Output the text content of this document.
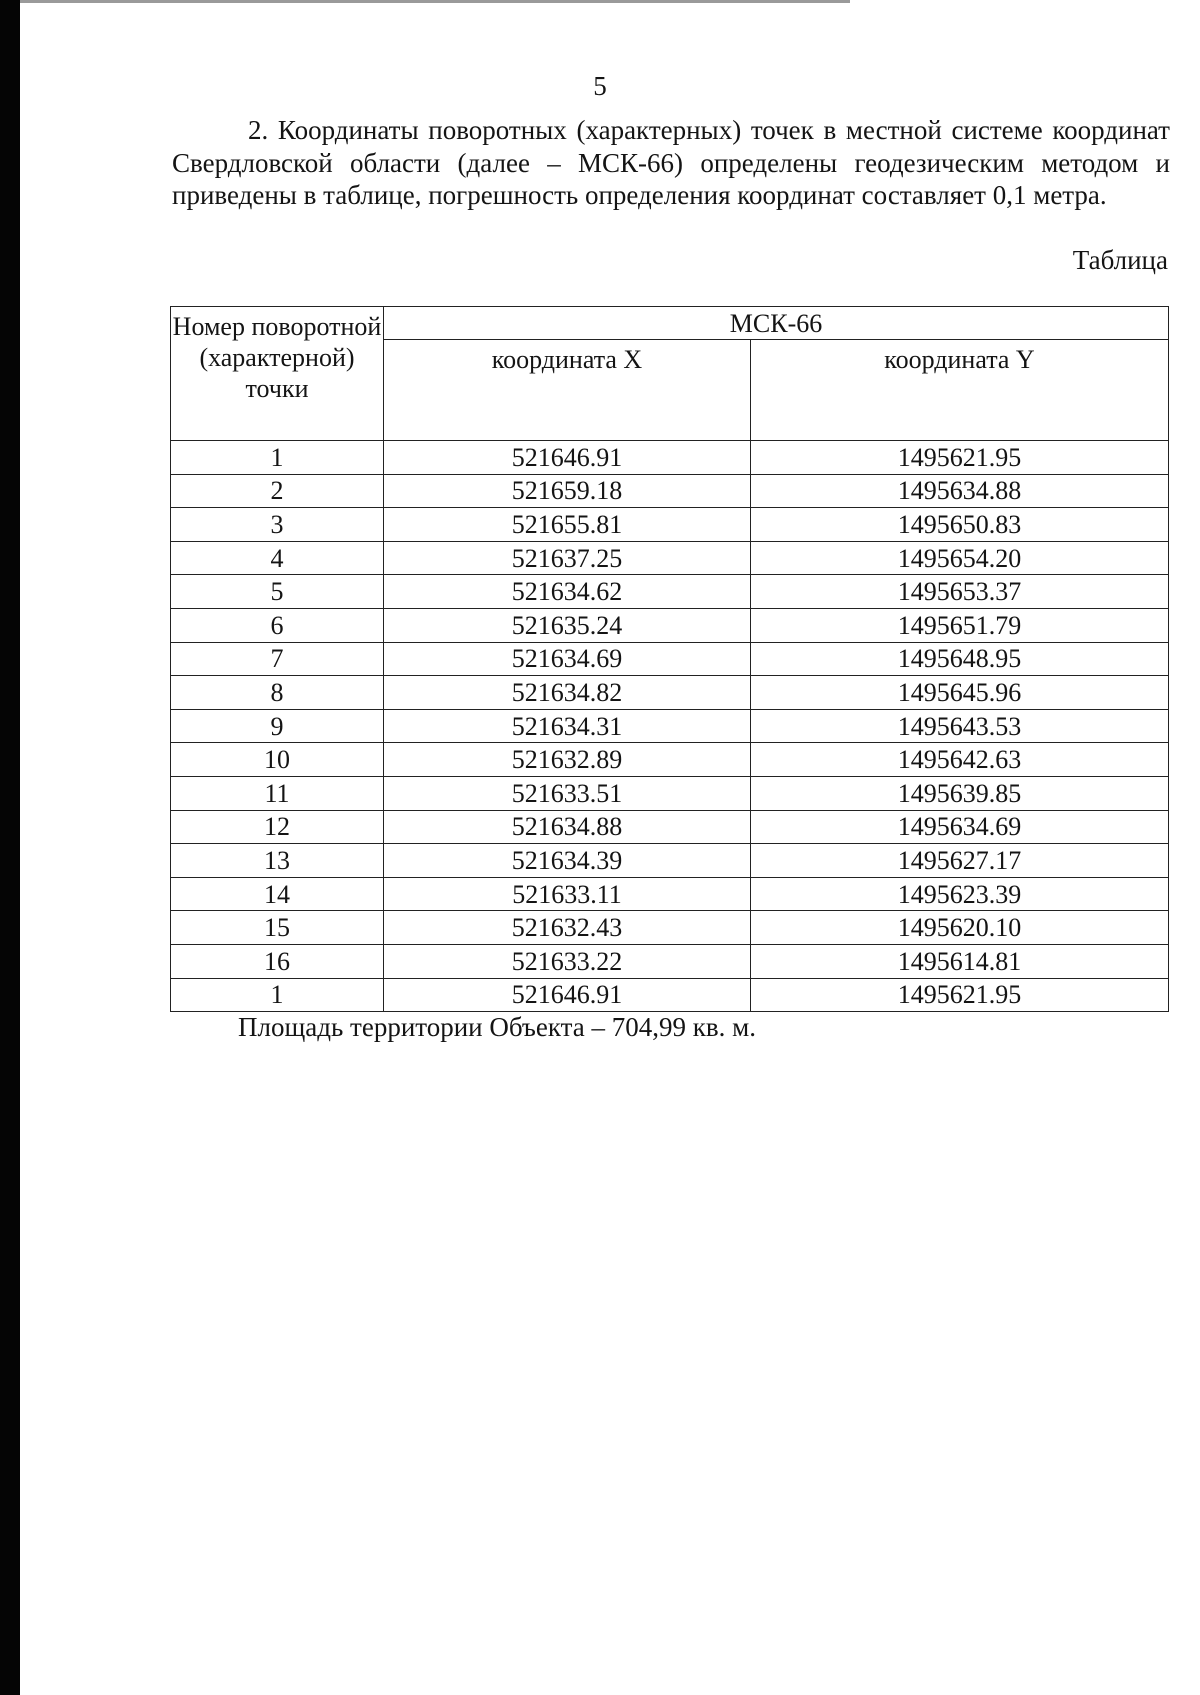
5

2. Координаты поворотных (характерных) точек в местной системе координат Свердловской области (далее – МСК-66) определены геодезическим методом и приведены в таблице, погрешность определения координат составляет 0,1 метра.

Таблица
Номер поворотной (характерной) точки	МСК-66	
	координата X	координата Y
1	521646.91	1495621.95
2	521659.18	1495634.88
3	521655.81	1495650.83
4	521637.25	1495654.20
5	521634.62	1495653.37
6	521635.24	1495651.79
7	521634.69	1495648.95
8	521634.82	1495645.96
9	521634.31	1495643.53
10	521632.89	1495642.63
11	521633.51	1495639.85
12	521634.88	1495634.69
13	521634.39	1495627.17
14	521633.11	1495623.39
15	521632.43	1495620.10
16	521633.22	1495614.81
1	521646.91	1495621.95

Площадь территории Объекта – 704,99 кв. м.
